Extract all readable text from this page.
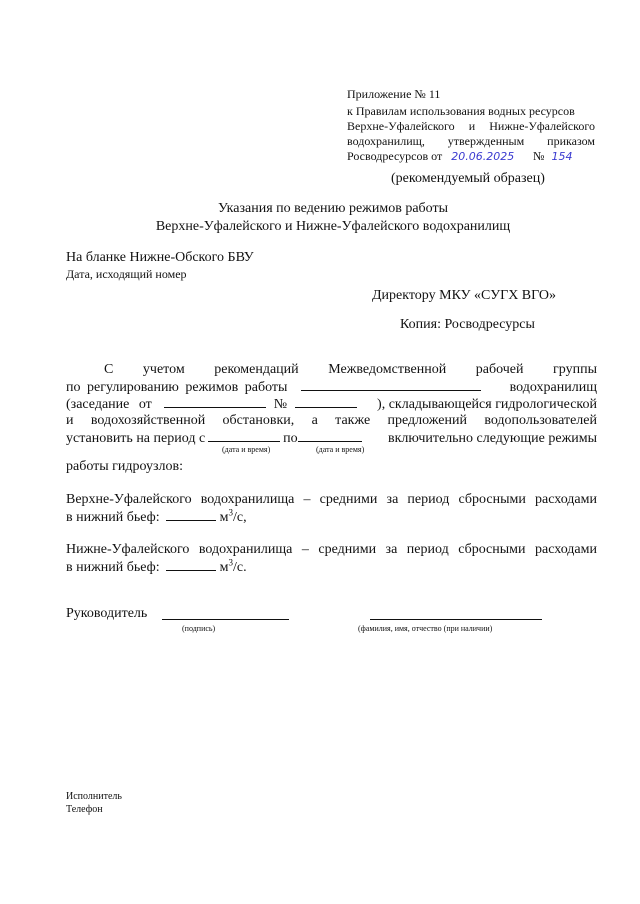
Приложение № 11
к Правилам использования водных ресурсов
Верхне-Уфалейского и Нижне-Уфалейского
водохранилищ, утвержденным приказом
Росводресурсов от 20.06.2025 № 154
(рекомендуемый образец)
Указания по ведению режимов работы
Верхне-Уфалейского и Нижне-Уфалейского водохранилищ
На бланке Нижне-Обского БВУ
Дата, исходящий номер
Директору МКУ «СУГХ ВГО»
Копия: Росводресурсы
С учетом рекомендаций Межведомственной рабочей группы
по регулированию режимов работы	водохранилищ
(заседание от	№	), складывающейся гидрологической
и водохозяйственной обстановки, а также предложений водопользователей
установить на период с	по	включительно следующие режимы
(дата и время)	(дата и время)
работы гидроузлов:
Верхне-Уфалейского водохранилища – средними за период сбросными расходами
в нижний бьеф:	$м^3/с$,
Нижне-Уфалейского водохранилища – средними за период сбросными расходами
в нижний бьеф:	$м^3/с$.
Руководитель
(подпись)	(фамилия, имя, отчество (при наличии)
Исполнитель
Телефон
